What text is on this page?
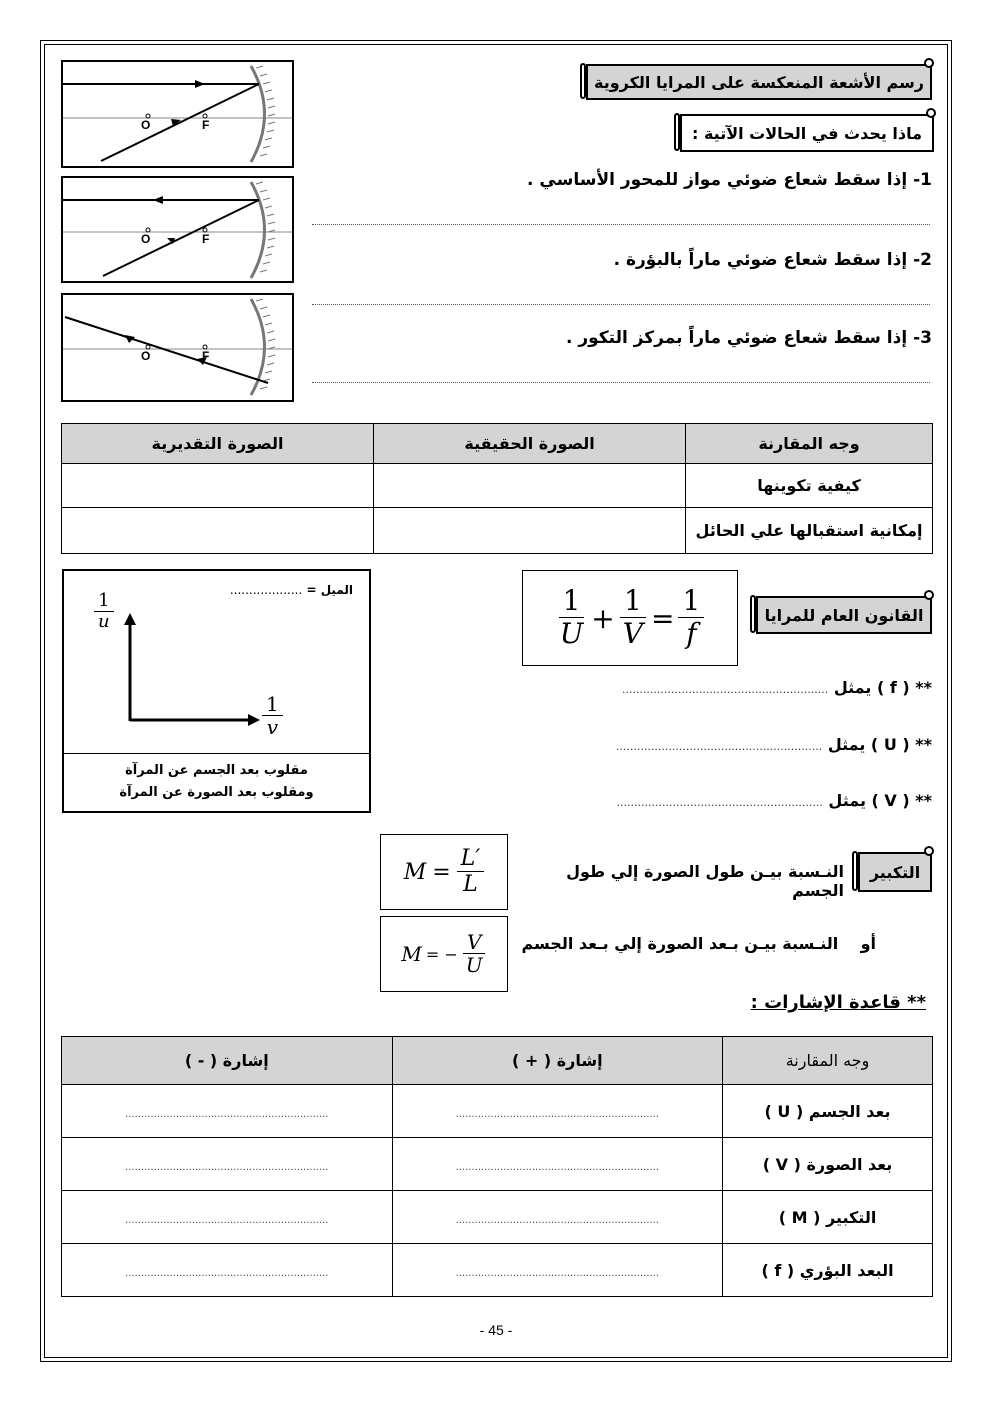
رسم الأشعة المنعكسة على المرايا الكروية
ماذا يحدث في الحالات الآتية :
1- إذا سقط شعاع ضوئي مواز للمحور الأساسي .
2- إذا سقط شعاع ضوئي ماراً بالبؤرة .
3- إذا سقط شعاع ضوئي ماراً بمركز التكور .
O	F
O	F
O	F
وجه المقارنة	الصورة الحقيقية	الصورة التقديرية
كيفية تكوينها		
إمكانية استقبالها علي الحائل		
الميل = ...................
$\frac{1}{u}$
$\frac{1}{v}$
مقلوب بعد الجسم عن المرآة
ومقلوب بعد الصورة عن المرآة
$\frac{1}{U} + \frac{1}{V} = \frac{1}{f}$	القانون العام للمرايا
** ( f ) يمثل ...........................................................
** ( U ) يمثل ...........................................................
** ( V ) يمثل ...........................................................
التكبير
النـسبة بيـن طول الصورة إلي طول الجسم
$M = \frac{L'}{L}$
أو    النـسبة بيـن بـعد الصورة إلي بـعد الجسم
M = − $\frac{V}{U}$
** قاعدة الإشارات :
وجه المقارنة	إشارة ( + )	إشارة ( - )
بعد الجسم ( U )	................................................................	................................................................
بعد الصورة ( V )	................................................................	................................................................
التكبير ( M )	................................................................	................................................................
البعد البؤري ( f )	................................................................	................................................................
- 45 -
